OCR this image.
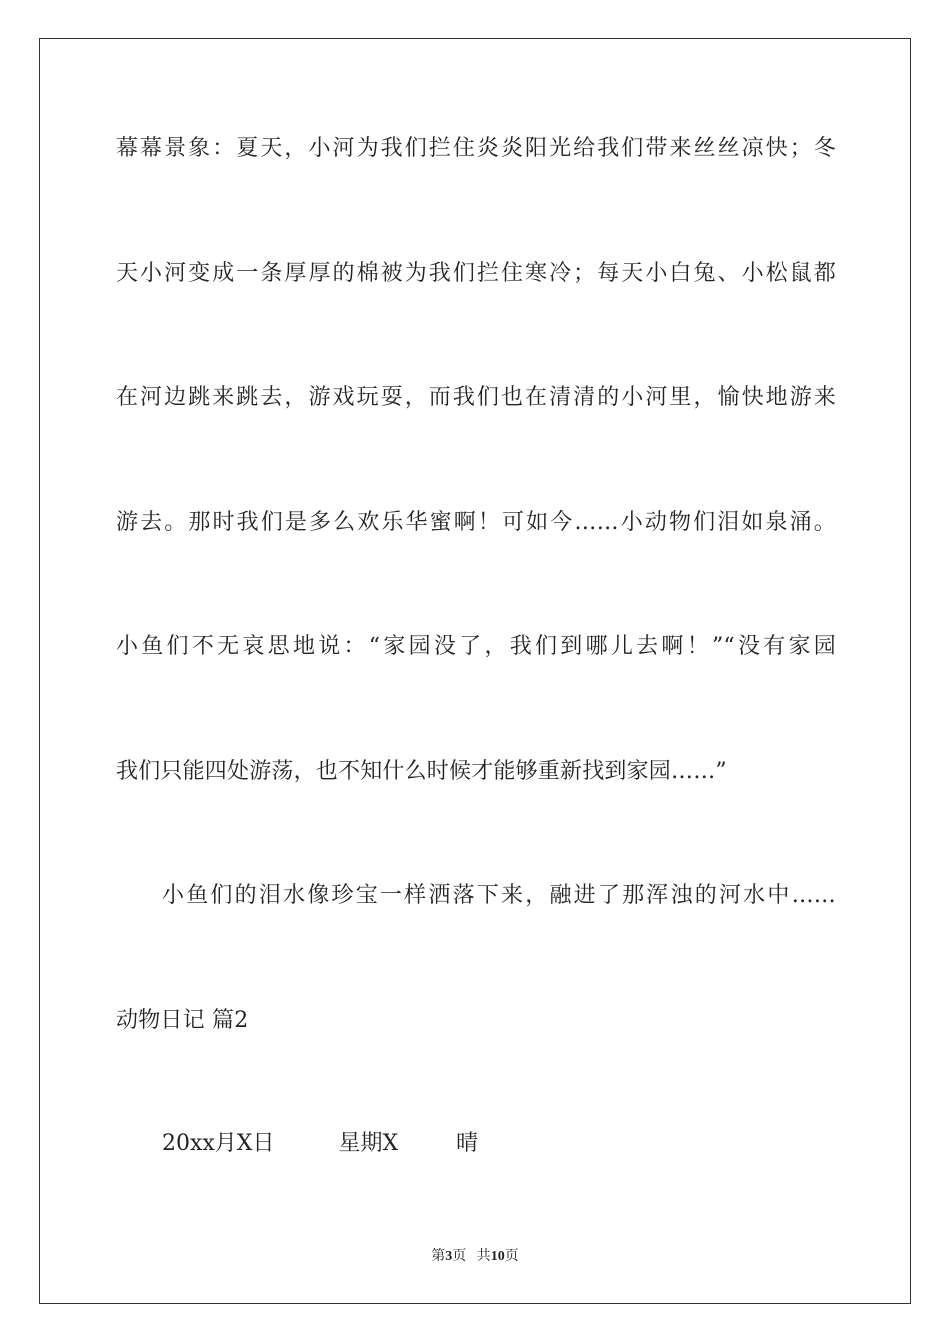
幕幕景象：夏天，小河为我们拦住炎炎阳光给我们带来丝丝凉快；冬
天小河变成一条厚厚的棉被为我们拦住寒冷；每天小白兔、小松鼠都
在河边跳来跳去，游戏玩耍，而我们也在清清的小河里，愉快地游来
游去。那时我们是多么欢乐华蜜啊！可如今……小动物们泪如泉涌。
小鱼们不无哀思地说：“家园没了，我们到哪儿去啊！”“没有家园
我们只能四处游荡，也不知什么时候才能够重新找到家园……”
小鱼们的泪水像珍宝一样洒落下来，融进了那浑浊的河水中……
动物日记 篇2
20xx月X日	星期X	晴
第3页 共10页
